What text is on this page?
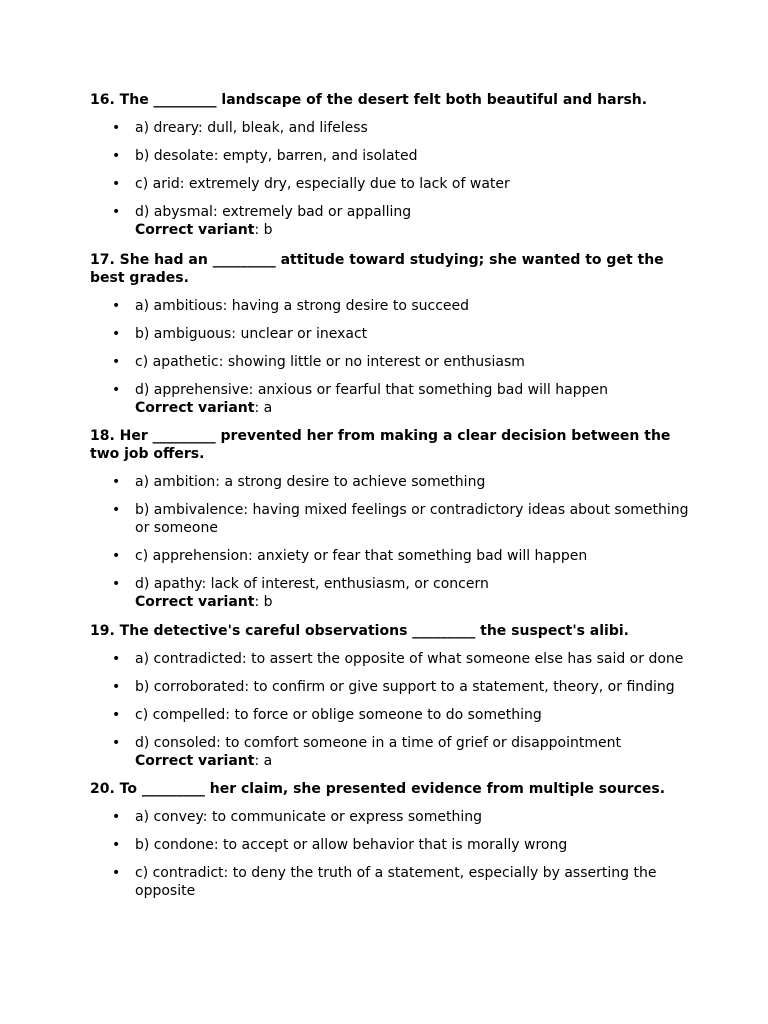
16. The _________ landscape of the desert felt both beautiful and harsh.

• a) dreary: dull, bleak, and lifeless
• b) desolate: empty, barren, and isolated
• c) arid: extremely dry, especially due to lack of water
• d) abysmal: extremely bad or appalling

Correct variant: b

17. She had an _________ attitude toward studying; she wanted to get the best grades.

• a) ambitious: having a strong desire to succeed
• b) ambiguous: unclear or inexact
• c) apathetic: showing little or no interest or enthusiasm
• d) apprehensive: anxious or fearful that something bad will happen

Correct variant: a

18. Her _________ prevented her from making a clear decision between the two job offers.

• a) ambition: a strong desire to achieve something
• b) ambivalence: having mixed feelings or contradictory ideas about something or someone
• c) apprehension: anxiety or fear that something bad will happen
• d) apathy: lack of interest, enthusiasm, or concern

Correct variant: b

19. The detective's careful observations _________ the suspect's alibi.

• a) contradicted: to assert the opposite of what someone else has said or done
• b) corroborated: to confirm or give support to a statement, theory, or finding
• c) compelled: to force or oblige someone to do something
• d) consoled: to comfort someone in a time of grief or disappointment

Correct variant: a

20. To _________ her claim, she presented evidence from multiple sources.

• a) convey: to communicate or express something
• b) condone: to accept or allow behavior that is morally wrong
• c) contradict: to deny the truth of a statement, especially by asserting the opposite
